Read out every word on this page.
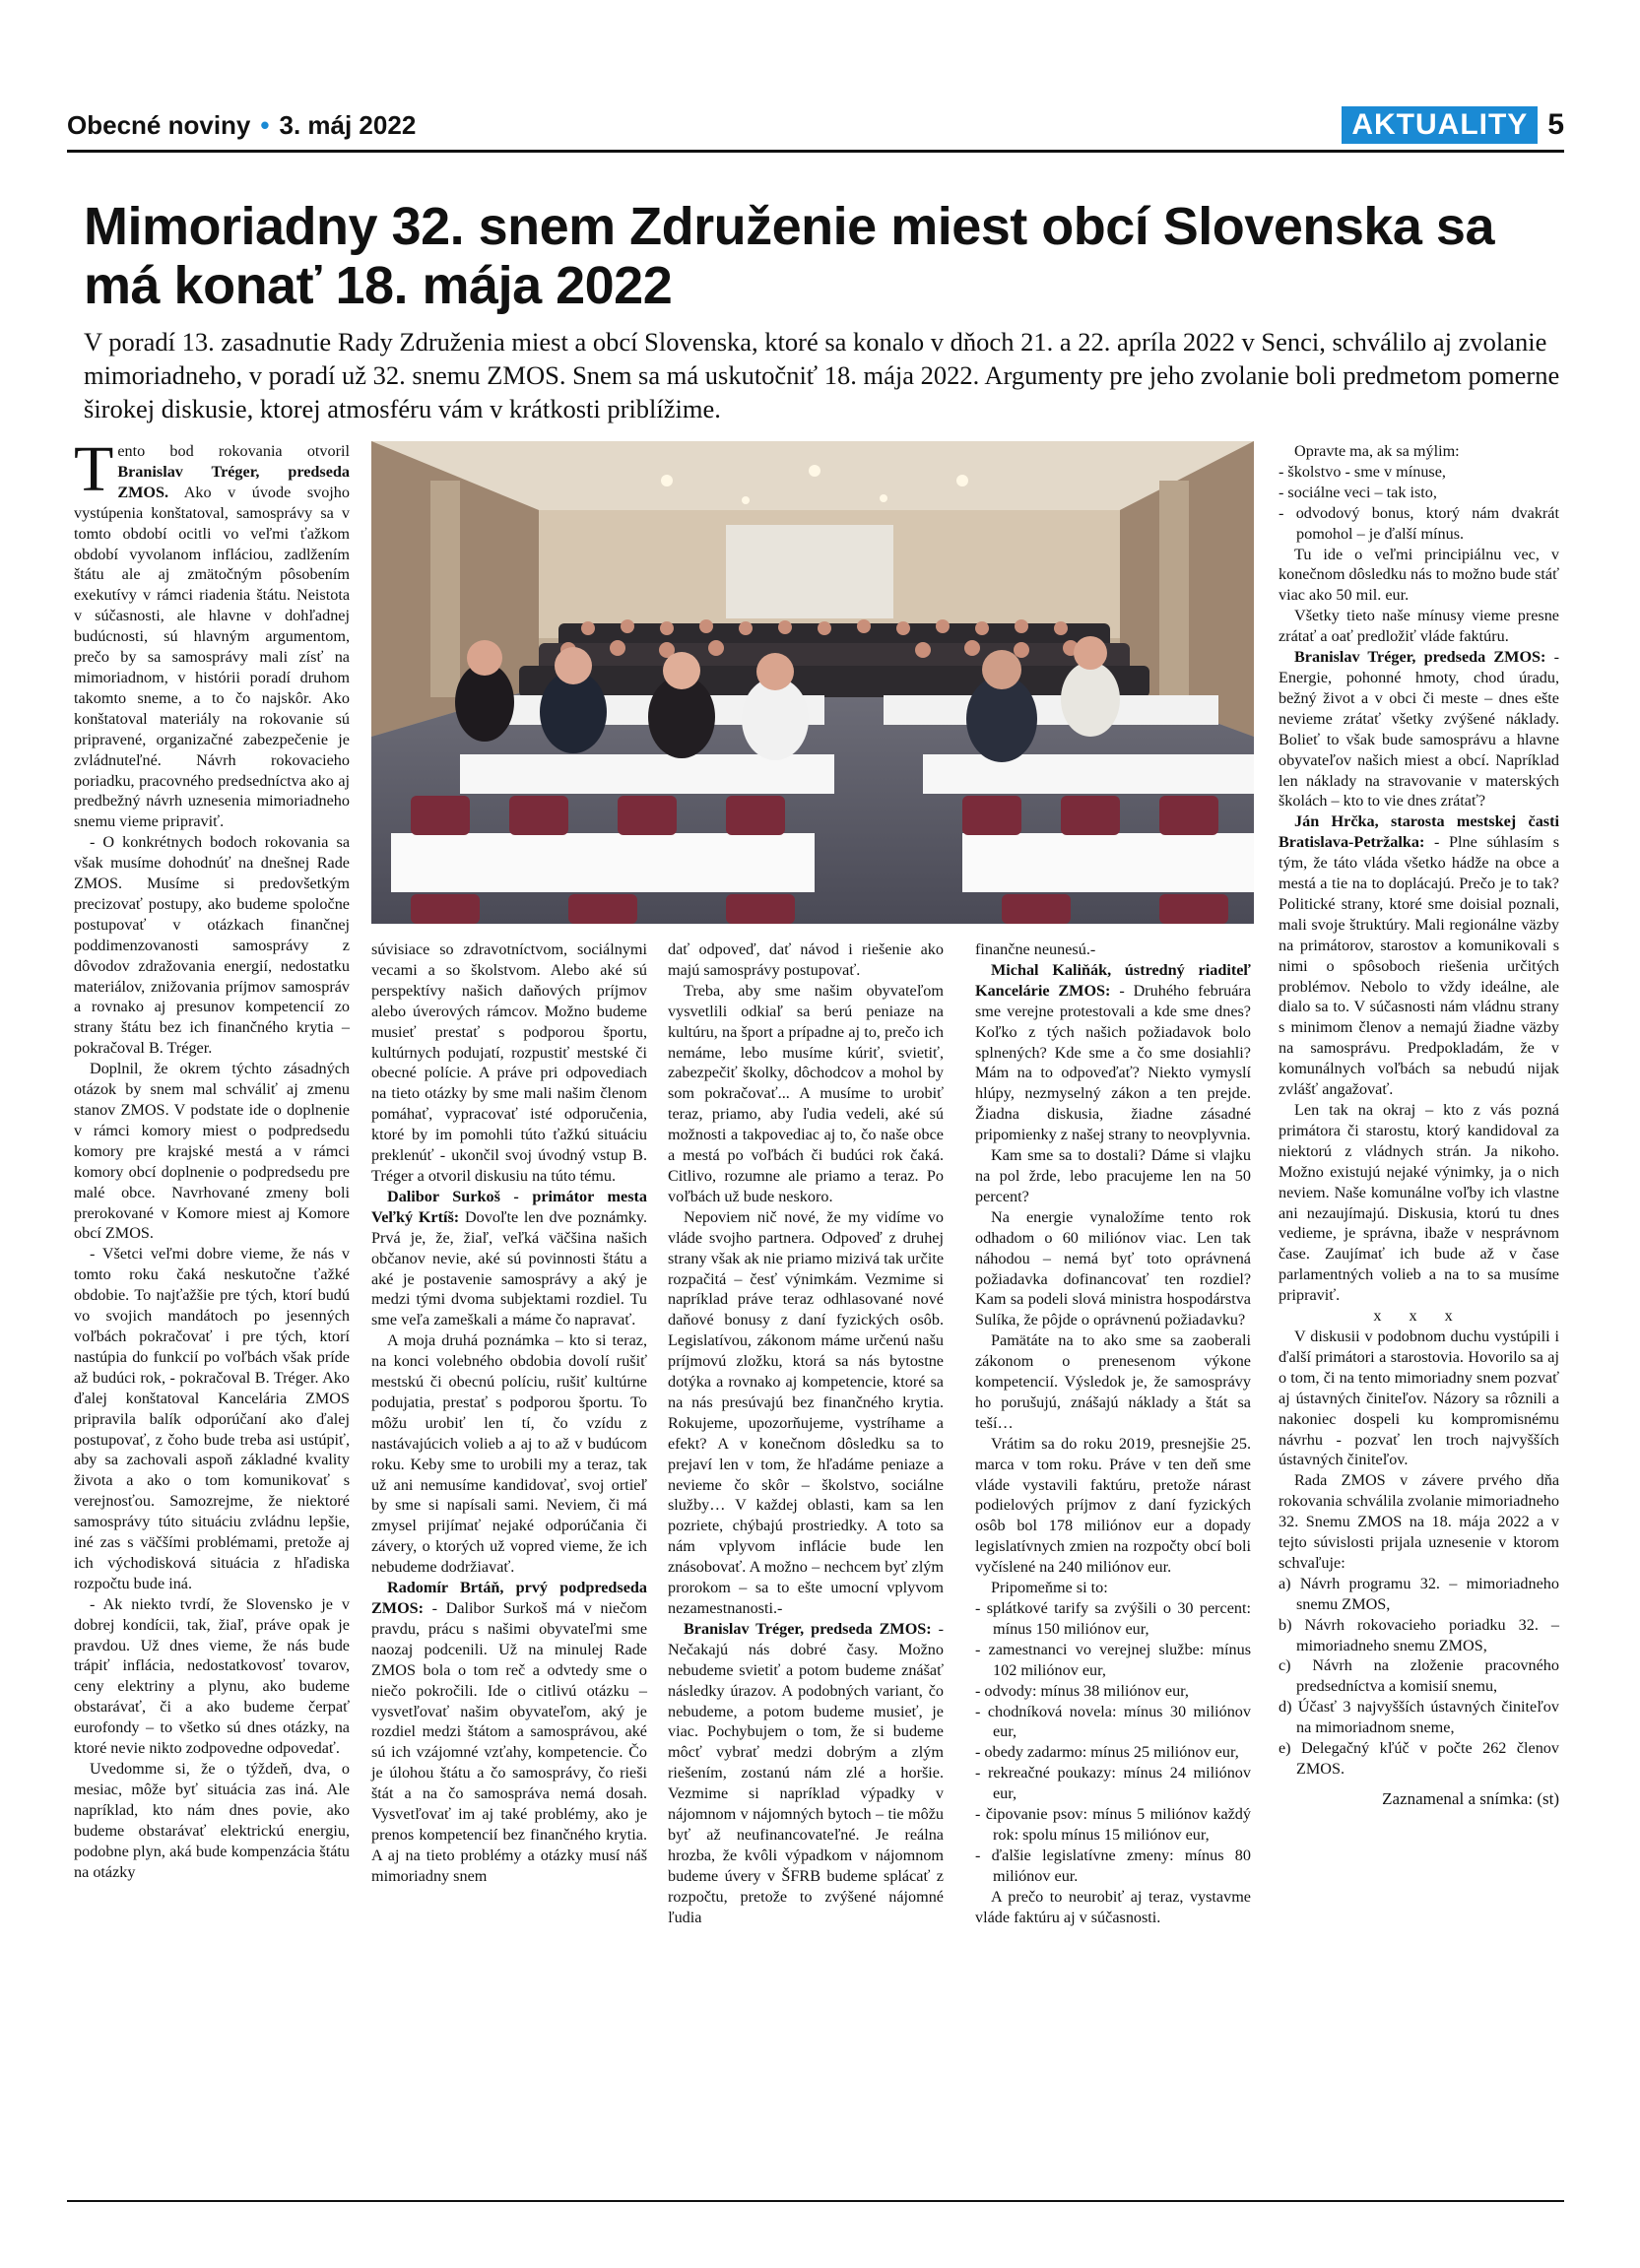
Obecné noviny • 3. máj 2022	AKTUALITY 5
Mimoriadny 32. snem Združenie miest obcí Slovenska sa má konať 18. mája 2022
V poradí 13. zasadnutie Rady Združenia miest a obcí Slovenska, ktoré sa konalo v dňoch 21. a 22. apríla 2022 v Senci, schválilo aj zvolanie mimoriadneho, v poradí už 32. snemu ZMOS. Snem sa má uskutočniť 18. mája 2022. Argumenty pre jeho zvolanie boli predmetom pomerne širokej diskusie, ktorej atmosféru vám v krátkosti priblížime.

Tento bod rokovania otvoril Branislav Tréger, predseda ZMOS. Ako v úvode svojho vystúpenia konštatoval, samosprávy sa v tomto období ocitli vo veľmi ťažkom období vyvolanom infláciou, zadlžením štátu ale aj zmätočným pôsobením exekutívy v rámci riadenia štátu. Neistota v súčasnosti, ale hlavne v dohľadnej budúcnosti, sú hlavným argumentom, prečo by sa samosprávy mali zísť na mimoriadnom, v histórii poradí druhom takomto sneme, a to čo najskôr. Ako konštatoval materiály na rokovanie sú pripravené, organizačné zabezpečenie je zvládnuteľné. Návrh rokovacieho poriadku, pracovného predsedníctva ako aj predbežný návrh uznesenia mimoriadneho snemu vieme pripraviť.

- O konkrétnych bodoch rokovania sa však musíme dohodnúť na dnešnej Rade ZMOS. Musíme si predovšetkým precizovať postupy, ako budeme spoločne postupovať v otázkach finančnej poddimenzovanosti samosprávy z dôvodov zdražovania energií, nedostatku materiálov, znižovania príjmov samospráv a rovnako aj presunov kompetencií zo strany štátu bez ich finančného krytia – pokračoval B. Tréger.

Doplnil, že okrem týchto zásadných otázok by snem mal schváliť aj zmenu stanov ZMOS. V podstate ide o doplnenie v rámci komory miest o podpredsedu komory pre krajské mestá a v rámci komory obcí doplnenie o podpredsedu pre malé obce. Navrhované zmeny boli prerokované v Komore miest aj Komore obcí ZMOS.

- Všetci veľmi dobre vieme, že nás v tomto roku čaká neskutočne ťažké obdobie. To najťažšie pre tých, ktorí budú vo svojich mandátoch po jesenných voľbách pokračovať i pre tých, ktorí nastúpia do funkcií po voľbách však príde až budúci rok, - pokračoval B. Tréger. Ako ďalej konštatoval Kancelária ZMOS pripravila balík odporúčaní ako ďalej postupovať, z čoho bude treba asi ustúpiť, aby sa zachovali aspoň základné kvality života a ako o tom komunikovať s verejnosťou. Samozrejme, že niektoré samosprávy túto situáciu zvládnu lepšie, iné zas s väčšími problémami, pretože aj ich východisková situácia z hľadiska rozpočtu bude iná.

- Ak niekto tvrdí, že Slovensko je v dobrej kondícii, tak, žiaľ, práve opak je pravdou. Už dnes vieme, že nás bude trápiť inflácia, nedostatkovosť tovarov, ceny elektriny a plynu, ako budeme obstarávať, či a ako budeme čerpať eurofondy – to všetko sú dnes otázky, na ktoré nevie nikto zodpovedne odpovedať.

Uvedomme si, že o týždeň, dva, o mesiac, môže byť situácia zas iná. Ale napríklad, kto nám dnes povie, ako budeme obstarávať elektrickú energiu, podobne plyn, aká bude kompenzácia štátu na otázky

súvisiace so zdravotníctvom, sociálnymi vecami a so školstvom. Alebo aké sú perspektívy našich daňových príjmov alebo úverových rámcov. Možno budeme musieť prestať s podporou športu, kultúrnych podujatí, rozpustiť mestské či obecné polície. A práve pri odpovediach na tieto otázky by sme mali našim členom pomáhať, vypracovať isté odporučenia, ktoré by im pomohli túto ťažkú situáciu preklenúť - ukončil svoj úvodný vstup B. Tréger a otvoril diskusiu na túto tému.

Dalibor Surkoš - primátor mesta Veľký Krtíš: Dovoľte len dve poznámky. Prvá je, že, žiaľ, veľká väčšina našich občanov nevie, aké sú povinnosti štátu a aké je postavenie samosprávy a aký je medzi tými dvoma subjektami rozdiel. Tu sme veľa zameškali a máme čo napravať.

A moja druhá poznámka – kto si teraz, na konci volebného obdobia dovolí rušiť mestskú či obecnú políciu, rušiť kultúrne podujatia, prestať s podporou športu. To môžu urobiť len tí, čo vzídu z nastávajúcich volieb a aj to až v budúcom roku. Keby sme to urobili my a teraz, tak už ani nemusíme kandidovať, svoj ortieľ by sme si napísali sami. Neviem, či má zmysel prijímať nejaké odporúčania či závery, o ktorých už vopred vieme, že ich nebudeme dodržiavať.

Radomír Brtáň, prvý podpredseda ZMOS: - Dalibor Surkoš má v niečom pravdu, prácu s našimi obyvateľmi sme naozaj podcenili. Už na minulej Rade ZMOS bola o tom reč a odvtedy sme o niečo pokročili. Ide o citlivú otázku – vysvetľovať našim obyvateľom, aký je rozdiel medzi štátom a samosprávou, aké sú ich vzájomné vzťahy, kompetencie. Čo je úlohou štátu a čo samosprávy, čo rieši štát a na čo samospráva nemá dosah. Vysvetľovať im aj také problémy, ako je prenos kompetencií bez finančného krytia. A aj na tieto problémy a otázky musí náš mimoriadny snem

dať odpoveď, dať návod i riešenie ako majú samosprávy postupovať.

Treba, aby sme našim obyvateľom vysvetlili odkiaľ sa berú peniaze na kultúru, na šport a prípadne aj to, prečo ich nemáme, lebo musíme kúriť, svietiť, zabezpečiť školky, dôchodcov a mohol by som pokračovať... A musíme to urobiť teraz, priamo, aby ľudia vedeli, aké sú možnosti a takpovediac aj to, čo naše obce a mestá po voľbách či budúci rok čaká. Citlivo, rozumne ale priamo a teraz. Po voľbách už bude neskoro.

Nepoviem nič nové, že my vidíme vo vláde svojho partnera. Odpoveď z druhej strany však ak nie priamo mizivá tak určite rozpačitá – česť výnimkám. Vezmime si napríklad práve teraz odhlasované nové daňové bonusy z daní fyzických osôb. Legislatívou, zákonom máme určenú našu príjmovú zložku, ktorá sa nás bytostne dotýka a rovnako aj kompetencie, ktoré sa na nás presúvajú bez finančného krytia. Rokujeme, upozorňujeme, vystríhame a efekt? A v konečnom dôsledku sa to prejaví len v tom, že hľadáme peniaze a nevieme čo skôr – školstvo, sociálne služby… V každej oblasti, kam sa len pozriete, chýbajú prostriedky. A toto sa nám vplyvom inflácie bude len znásobovať. A možno – nechcem byť zlým prorokom – sa to ešte umocní vplyvom nezamestnanosti.-

Branislav Tréger, predseda ZMOS: - Nečakajú nás dobré časy. Možno nebudeme svietiť a potom budeme znášať následky úrazov. A podobných variant, čo nebudeme, a potom budeme musieť, je viac. Pochybujem o tom, že si budeme môcť vybrať medzi dobrým a zlým riešením, zostanú nám zlé a horšie. Vezmime si napríklad výpadky v nájomnom v nájomných bytoch – tie môžu byť až neufinancovateľné. Je reálna hrozba, že kvôli výpadkom v nájomnom budeme úvery v ŠFRB budeme splácať z rozpočtu, pretože to zvýšené nájomné ľudia

finančne neunesú.-

Michal Kaliňák, ústredný riaditeľ Kancelárie ZMOS: - Druhého februára sme verejne protestovali a kde sme dnes? Koľko z tých našich požiadavok bolo splnených? Kde sme a čo sme dosiahli? Mám na to odpoveďať? Niekto vymyslí hlúpy, nezmyselný zákon a ten prejde. Žiadna diskusia, žiadne zásadné pripomienky z našej strany to neovplyvnia.

Kam sme sa to dostali? Dáme si vlajku na pol žrde, lebo pracujeme len na 50 percent?

Na energie vynaložíme tento rok odhadom o 60 miliónov viac. Len tak náhodou – nemá byť toto oprávnená požiadavka dofinancovať ten rozdiel? Kam sa podeli slová ministra hospodárstva Sulíka, že pôjde o oprávnenú požiadavku?

Pamätáte na to ako sme sa zaoberali zákonom o prenesenom výkone kompetencií. Výsledok je, že samosprávy ho porušujú, znášajú náklady a štát sa teší…

Vrátim sa do roku 2019, presnejšie 25. marca v tom roku. Práve v ten deň sme vláde vystavili faktúru, pretože nárast podielových príjmov z daní fyzických osôb bol 178 miliónov eur a dopady legislatívnych zmien na rozpočty obcí boli vyčíslené na 240 miliónov eur.

Pripomeňme si to:

- splátkové tarify sa zvýšili o 30 percent: mínus 150 miliónov eur,

- zamestnanci vo verejnej službe: mínus 102 miliónov eur,

- odvody: mínus 38 miliónov eur,

- chodníková novela: mínus 30 miliónov eur,

- obedy zadarmo: mínus 25 miliónov eur,

- rekreačné poukazy: mínus 24 miliónov eur,

- čipovanie psov: mínus 5 miliónov každý rok: spolu mínus 15 miliónov eur,

- ďalšie legislatívne zmeny: mínus 80 miliónov eur.

A prečo to neurobiť aj teraz, vystavme vláde faktúru aj v súčasnosti.

Opravte ma, ak sa mýlim:

- školstvo - sme v mínuse,

- sociálne veci – tak isto,

- odvodový bonus, ktorý nám dvakrát pomohol – je ďalší mínus.

Tu ide o veľmi principiálnu vec, v konečnom dôsledku nás to možno bude stáť viac ako 50 mil. eur.

Všetky tieto naše mínusy vieme presne zrátať a oať predložiť vláde faktúru.

Branislav Tréger, predseda ZMOS: - Energie, pohonné hmoty, chod úradu, bežný život a v obci či meste – dnes ešte nevieme zrátať všetky zvýšené náklady. Bolieť to však bude samosprávu a hlavne obyvateľov našich miest a obcí. Napríklad len náklady na stravovanie v materských školách – kto to vie dnes zrátať?

Ján Hrčka, starosta mestskej časti Bratislava-Petržalka: - Plne súhlasím s tým, že táto vláda všetko hádže na obce a mestá a tie na to doplácajú. Prečo je to tak? Politické strany, ktoré sme doisial poznali, mali svoje štruktúry. Mali regionálne väzby na primátorov, starostov a komunikovali s nimi o spôsoboch riešenia určitých problémov. Nebolo to vždy ideálne, ale dialo sa to. V súčasnosti nám vládnu strany s minimom členov a nemajú žiadne väzby na samosprávu. Predpokladám, že v komunálnych voľbách sa nebudú nijak zvlášť angažovať.

Len tak na okraj – kto z vás pozná primátora či starostu, ktorý kandidoval za niektorú z vládnych strán. Ja nikoho. Možno existujú nejaké výnimky, ja o nich neviem. Naše komunálne voľby ich vlastne ani nezaujímajú. Diskusia, ktorú tu dnes vedieme, je správna, ibaže v nesprávnom čase. Zaujímať ich bude až v čase parlamentných volieb a na to sa musíme pripraviť.

x x x

V diskusii v podobnom duchu vystúpili i ďalší primátori a starostovia. Hovorilo sa aj o tom, či na tento mimoriadny snem pozvať aj ústavných činiteľov. Názory sa rôznili a nakoniec dospeli ku kompromisnému návrhu - pozvať len troch najvyšších ústavných činiteľov.

Rada ZMOS v závere prvého dňa rokovania schválila zvolanie mimoriadneho 32. Snemu ZMOS na 18. mája 2022 a v tejto súvislosti prijala uznesenie v ktorom schvaľuje:

a) Návrh programu 32. – mimoriadneho snemu ZMOS,

b) Návrh rokovacieho poriadku 32. – mimoriadneho snemu ZMOS,

c) Návrh na zloženie pracovného predsedníctva a komisií snemu,

d) Účasť 3 najvyšších ústavných činiteľov na mimoriadnom sneme,

e) Delegačný kľúč v počte 262 členov ZMOS.

Zaznamenal a snímka: (st)
